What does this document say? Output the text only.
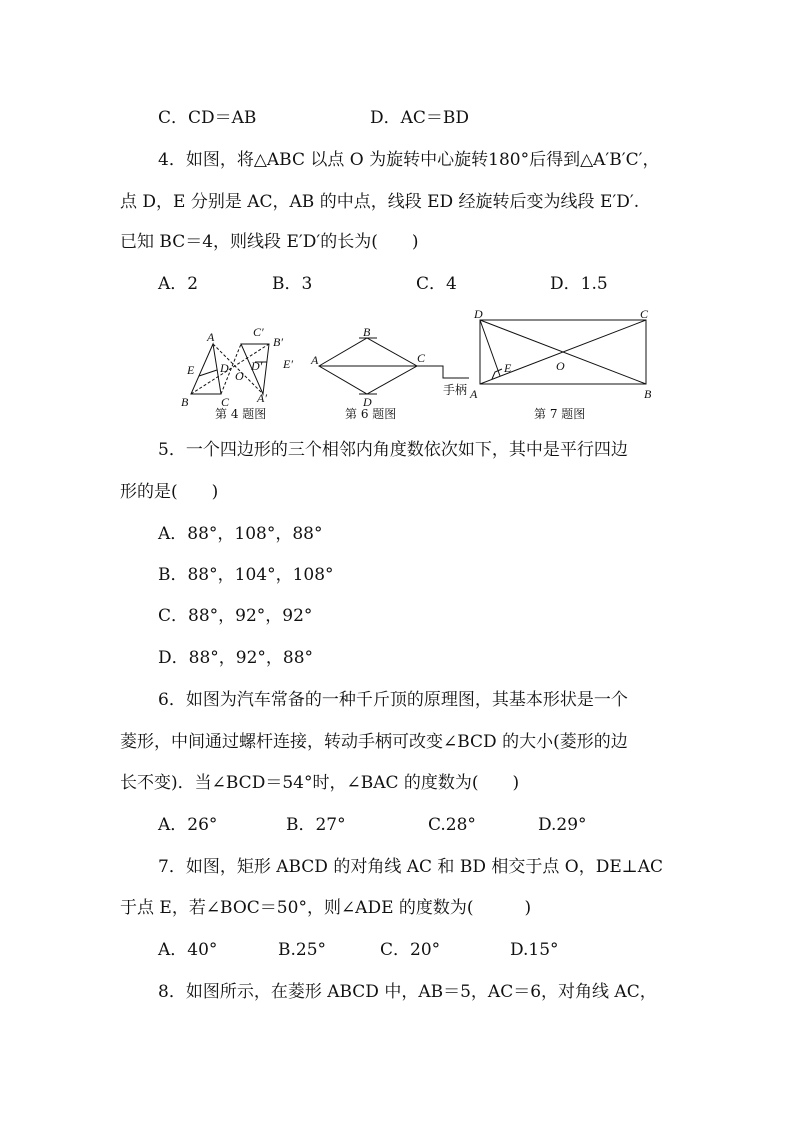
C．CD＝AB	D．AC＝BD
4．如图，将△ABC 以点 O 为旋转中心旋转180°后得到△A′B′C′，
点 D，E 分别是 AC，AB 的中点，线段 ED 经旋转后变为线段 E′D′.
已知 BC＝4，则线段 E′D′的长为(　　)
A．2	B．3	C．4	D．1.5
A
B	C
D
E	O
A′
B′
C′
D′ E′
第 4 题图
A
B
C
D
手柄
第 6 题图
D	C
A	B
E	O
第 7 题图
5．一个四边形的三个相邻内角度数依次如下，其中是平行四边
形的是(　　)
A．88°，108°，88°
B．88°，104°，108°
C．88°，92°，92°
D．88°，92°，88°
6．如图为汽车常备的一种千斤顶的原理图，其基本形状是一个
菱形，中间通过螺杆连接，转动手柄可改变∠BCD 的大小(菱形的边
长不变)．当∠BCD＝54°时，∠BAC 的度数为(　　)
A．26°	B．27°	C.28°	D.29°
7．如图，矩形 ABCD 的对角线 AC 和 BD 相交于点 O，DE⊥AC
于点 E，若∠BOC＝50°，则∠ADE 的度数为(　　　)
A．40°	B.25°	C．20°	D.15°
8．如图所示，在菱形 ABCD 中，AB＝5，AC＝6，对角线 AC，
